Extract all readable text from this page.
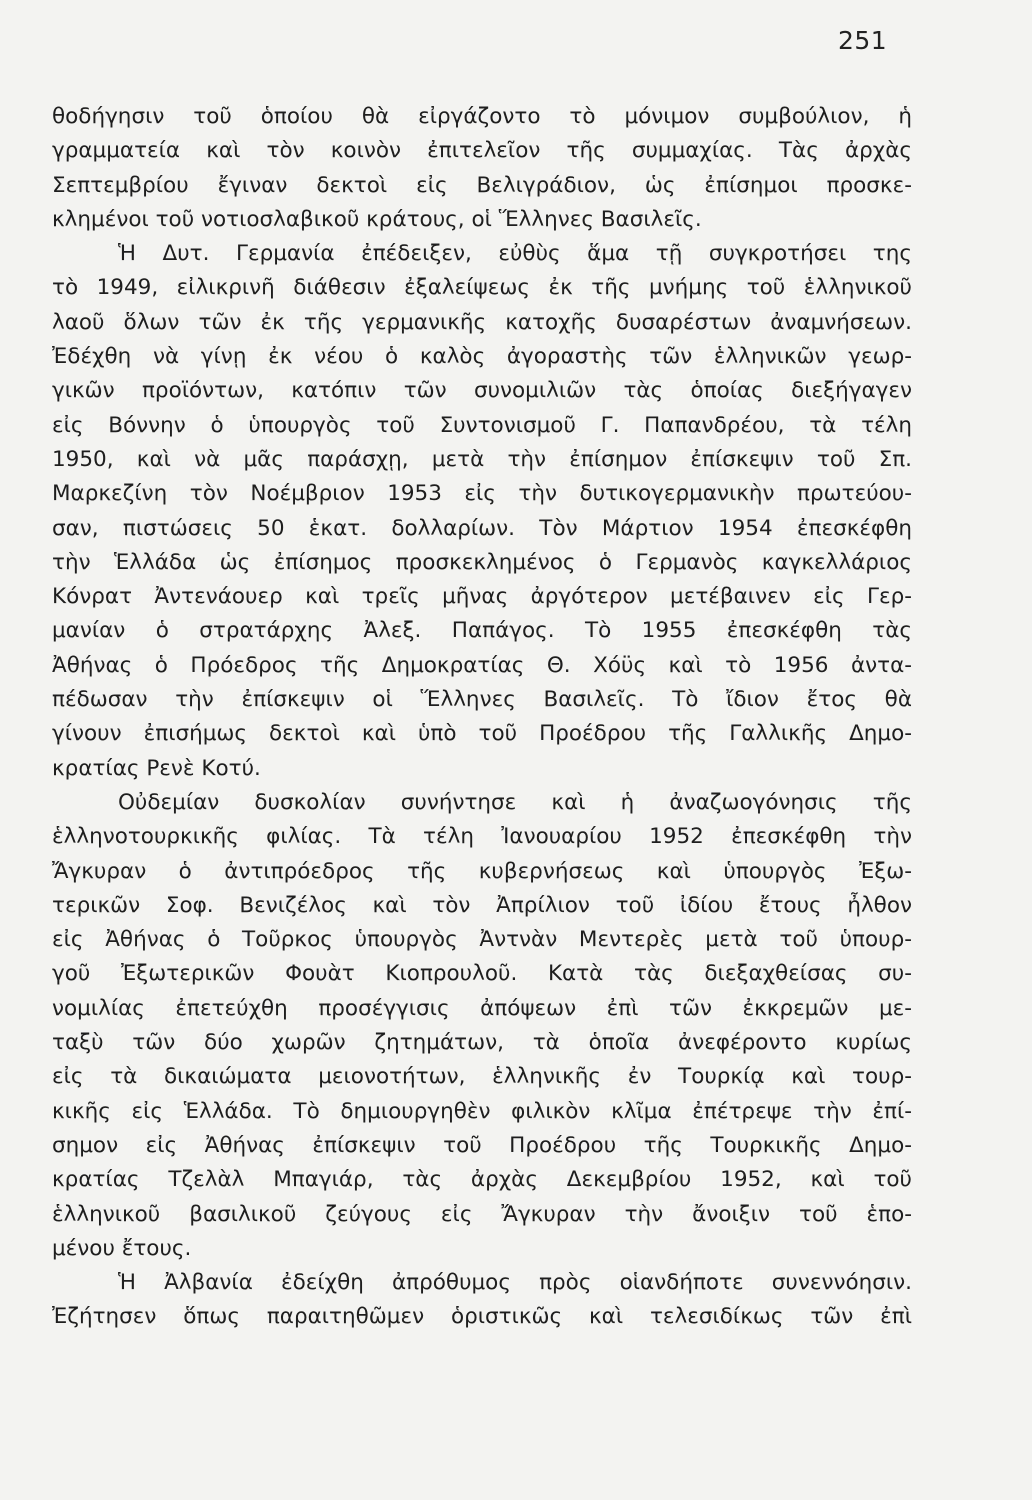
251
θοδήγησιν τοῦ ὁποίου θὰ εἰργάζοντο τὸ μόνιμον συμβούλιον, ἡ
γραμματεία καὶ τὸν κοινὸν ἐπιτελεῖον τῆς συμμαχίας. Τὰς ἀρχὰς
Σεπτεμβρίου ἔγιναν δεκτοὶ εἰς Βελιγράδιον, ὡς ἐπίσημοι προσκε-
κλημένοι τοῦ νοτιοσλαβικοῦ κράτους, οἱ Ἕλληνες Βασιλεῖς.
Ἡ Δυτ. Γερμανία ἐπέδειξεν, εὐθὺς ἅμα τῇ συγκροτήσει της
τὸ 1949, εἰλικρινῆ διάθεσιν ἐξαλείψεως ἐκ τῆς μνήμης τοῦ ἑλληνικοῦ
λαοῦ ὅλων τῶν ἐκ τῆς γερμανικῆς κατοχῆς δυσαρέστων ἀναμνήσεων.
Ἐδέχθη νὰ γίνῃ ἐκ νέου ὁ καλὸς ἀγοραστὴς τῶν ἑλληνικῶν γεωρ-
γικῶν προϊόντων, κατόπιν τῶν συνομιλιῶν τὰς ὁποίας διεξήγαγεν
εἰς Βόννην ὁ ὑπουργὸς τοῦ Συντονισμοῦ Γ. Παπανδρέου, τὰ τέλη
1950, καὶ νὰ μᾶς παράσχῃ, μετὰ τὴν ἐπίσημον ἐπίσκεψιν τοῦ Σπ.
Μαρκεζίνη τὸν Νοέμβριον 1953 εἰς τὴν δυτικογερμανικὴν πρωτεύου-
σαν, πιστώσεις 50 ἑκατ. δολλαρίων. Τὸν Μάρτιον 1954 ἐπεσκέφθη
τὴν Ἑλλάδα ὡς ἐπίσημος προσκεκλημένος ὁ Γερμανὸς καγκελλάριος
Κόνρατ Ἀντενάουερ καὶ τρεῖς μῆνας ἀργότερον μετέβαινεν εἰς Γερ-
μανίαν ὁ στρατάρχης Ἀλεξ. Παπάγος. Τὸ 1955 ἐπεσκέφθη τὰς
Ἀθήνας ὁ Πρόεδρος τῆς Δημοκρατίας Θ. Χόϋς καὶ τὸ 1956 ἀντα-
πέδωσαν τὴν ἐπίσκεψιν οἱ Ἕλληνες Βασιλεῖς. Τὸ ἴδιον ἔτος θὰ
γίνουν ἐπισήμως δεκτοὶ καὶ ὑπὸ τοῦ Προέδρου τῆς Γαλλικῆς Δημο-
κρατίας Ρενὲ Κοτύ.
Οὐδεμίαν δυσκολίαν συνήντησε καὶ ἡ ἀναζωογόνησις τῆς
ἑλληνοτουρκικῆς φιλίας. Τὰ τέλη Ἰανουαρίου 1952 ἐπεσκέφθη τὴν
Ἄγκυραν ὁ ἀντιπρόεδρος τῆς κυβερνήσεως καὶ ὑπουργὸς Ἐξω-
τερικῶν Σοφ. Βενιζέλος καὶ τὸν Ἀπρίλιον τοῦ ἰδίου ἔτους ἦλθον
εἰς Ἀθήνας ὁ Τοῦρκος ὑπουργὸς Ἀντνὰν Μεντερὲς μετὰ τοῦ ὑπουρ-
γοῦ Ἐξωτερικῶν Φουὰτ Κιοπρουλοῦ. Κατὰ τὰς διεξαχθείσας συ-
νομιλίας ἐπετεύχθη προσέγγισις ἀπόψεων ἐπὶ τῶν ἐκκρεμῶν με-
ταξὺ τῶν δύο χωρῶν ζητημάτων, τὰ ὁποῖα ἀνεφέροντο κυρίως
εἰς τὰ δικαιώματα μειονοτήτων, ἑλληνικῆς ἐν Τουρκίᾳ καὶ τουρ-
κικῆς εἰς Ἑλλάδα. Τὸ δημιουργηθὲν φιλικὸν κλῖμα ἐπέτρεψε τὴν ἐπί-
σημον εἰς Ἀθήνας ἐπίσκεψιν τοῦ Προέδρου τῆς Τουρκικῆς Δημο-
κρατίας Τζελὰλ Μπαγιάρ, τὰς ἀρχὰς Δεκεμβρίου 1952, καὶ τοῦ
ἑλληνικοῦ βασιλικοῦ ζεύγους εἰς Ἄγκυραν τὴν ἄνοιξιν τοῦ ἑπο-
μένου ἔτους.
Ἡ Ἀλβανία ἐδείχθη ἀπρόθυμος πρὸς οἱανδήποτε συνεννόησιν.
Ἐζήτησεν ὅπως παραιτηθῶμεν ὁριστικῶς καὶ τελεσιδίκως τῶν ἐπὶ
